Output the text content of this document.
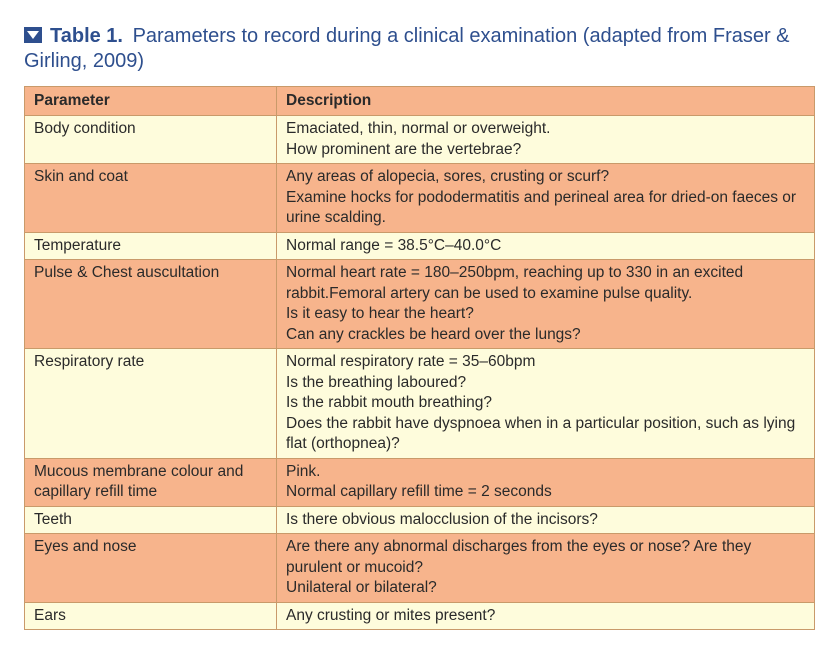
Table 1. Parameters to record during a clinical examination (adapted from Fraser & Girling, 2009)
Parameter	Description
Body condition	Emaciated, thin, normal or overweight.
How prominent are the vertebrae?

Skin and coat	Any areas of alopecia, sores, crusting or scurf?
Examine hocks for pododermatitis and perineal area for dried-on faeces or urine scalding.

Temperature	Normal range = 38.5°C–40.0°C

Pulse & Chest auscultation	Normal heart rate = 180–250bpm, reaching up to 330 in an excited rabbit.Femoral artery can be used to examine pulse quality.
Is it easy to hear the heart?
Can any crackles be heard over the lungs?

Respiratory rate	Normal respiratory rate = 35–60bpm
Is the breathing laboured?
Is the rabbit mouth breathing?
Does the rabbit have dyspnoea when in a particular position, such as lying flat (orthopnea)?

Mucous membrane colour and capillary refill time	Pink.
Normal capillary refill time = 2 seconds

Teeth	Is there obvious malocclusion of the incisors?

Eyes and nose	Are there any abnormal discharges from the eyes or nose? Are they purulent or mucoid?
Unilateral or bilateral?

Ears	Any crusting or mites present?
